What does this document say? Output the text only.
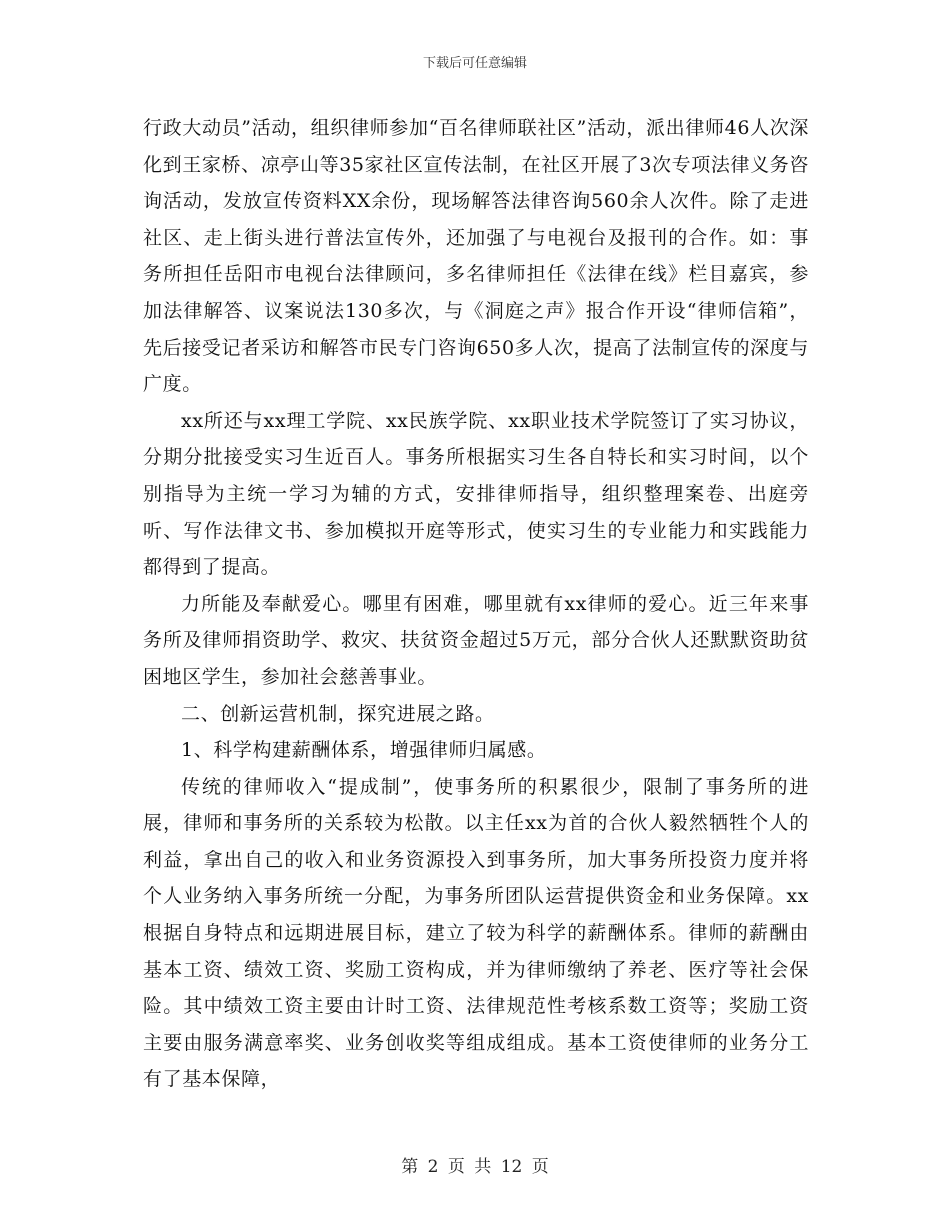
下载后可任意编辑

行政大动员”活动，组织律师参加“百名律师联社区”活动，派出律师46人次深化到王家桥、凉亭山等35家社区宣传法制，在社区开展了3次专项法律义务咨询活动，发放宣传资料XX余份，现场解答法律咨询560余人次件。除了走进社区、走上街头进行普法宣传外，还加强了与电视台及报刊的合作。如：事务所担任岳阳市电视台法律顾问，多名律师担任《法律在线》栏目嘉宾，参加法律解答、议案说法130多次，与《洞庭之声》报合作开设“律师信箱”，先后接受记者采访和解答市民专门咨询650多人次，提高了法制宣传的深度与广度。

xx所还与xx理工学院、xx民族学院、xx职业技术学院签订了实习协议，分期分批接受实习生近百人。事务所根据实习生各自特长和实习时间，以个别指导为主统一学习为辅的方式，安排律师指导，组织整理案卷、出庭旁听、写作法律文书、参加模拟开庭等形式，使实习生的专业能力和实践能力都得到了提高。

力所能及奉献爱心。哪里有困难，哪里就有xx律师的爱心。近三年来事务所及律师捐资助学、救灾、扶贫资金超过5万元，部分合伙人还默默资助贫困地区学生，参加社会慈善事业。

二、创新运营机制，探究进展之路。

1、科学构建薪酬体系，增强律师归属感。

传统的律师收入“提成制”，使事务所的积累很少，限制了事务所的进展，律师和事务所的关系较为松散。以主任xx为首的合伙人毅然牺牲个人的利益，拿出自己的收入和业务资源投入到事务所，加大事务所投资力度并将个人业务纳入事务所统一分配，为事务所团队运营提供资金和业务保障。xx根据自身特点和远期进展目标，建立了较为科学的薪酬体系。律师的薪酬由基本工资、绩效工资、奖励工资构成，并为律师缴纳了养老、医疗等社会保险。其中绩效工资主要由计时工资、法律规范性考核系数工资等；奖励工资主要由服务满意率奖、业务创收奖等组成组成。基本工资使律师的业务分工有了基本保障，

第 2 页 共 12 页
